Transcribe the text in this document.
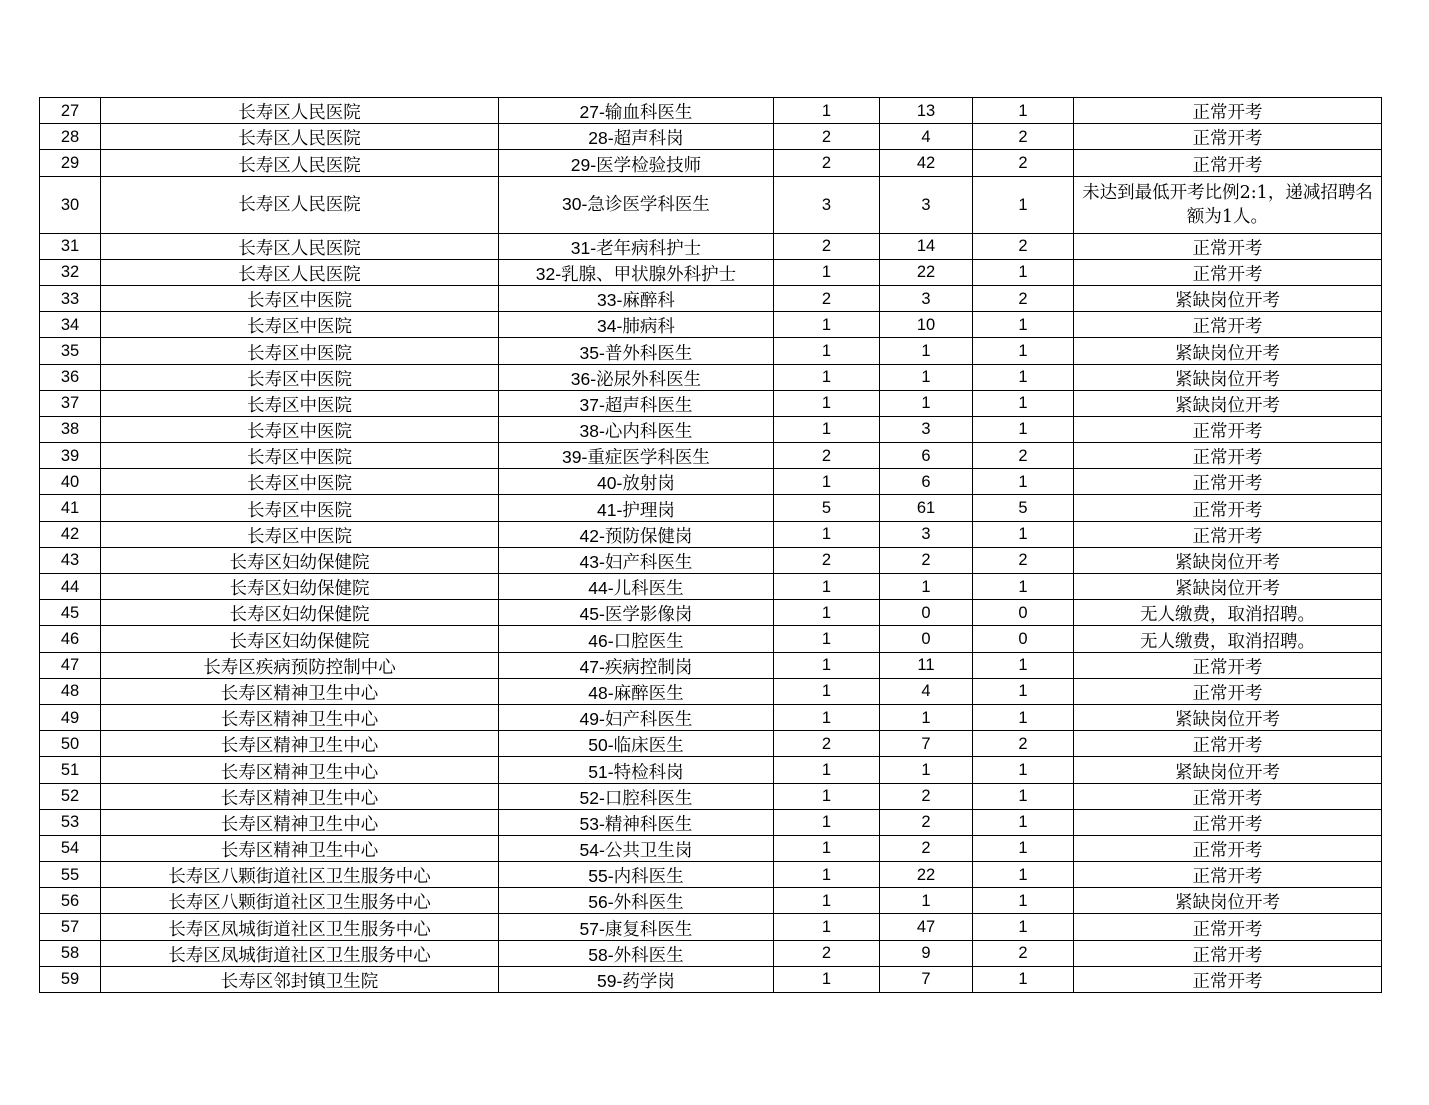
27	长寿区人民医院	27-输血科医生	1	13	1	正常开考
28	长寿区人民医院	28-超声科岗	2	4	2	正常开考
29	长寿区人民医院	29-医学检验技师	2	42	2	正常开考
30	长寿区人民医院	30-急诊医学科医生	3	3	1	未达到最低开考比例2:1，递减招聘名额为1人。
31	长寿区人民医院	31-老年病科护士	2	14	2	正常开考
32	长寿区人民医院	32-乳腺、甲状腺外科护士	1	22	1	正常开考
33	长寿区中医院	33-麻醉科	2	3	2	紧缺岗位开考
34	长寿区中医院	34-肺病科	1	10	1	正常开考
35	长寿区中医院	35-普外科医生	1	1	1	紧缺岗位开考
36	长寿区中医院	36-泌尿外科医生	1	1	1	紧缺岗位开考
37	长寿区中医院	37-超声科医生	1	1	1	紧缺岗位开考
38	长寿区中医院	38-心内科医生	1	3	1	正常开考
39	长寿区中医院	39-重症医学科医生	2	6	2	正常开考
40	长寿区中医院	40-放射岗	1	6	1	正常开考
41	长寿区中医院	41-护理岗	5	61	5	正常开考
42	长寿区中医院	42-预防保健岗	1	3	1	正常开考
43	长寿区妇幼保健院	43-妇产科医生	2	2	2	紧缺岗位开考
44	长寿区妇幼保健院	44-儿科医生	1	1	1	紧缺岗位开考
45	长寿区妇幼保健院	45-医学影像岗	1	0	0	无人缴费，取消招聘。
46	长寿区妇幼保健院	46-口腔医生	1	0	0	无人缴费，取消招聘。
47	长寿区疾病预防控制中心	47-疾病控制岗	1	11	1	正常开考
48	长寿区精神卫生中心	48-麻醉医生	1	4	1	正常开考
49	长寿区精神卫生中心	49-妇产科医生	1	1	1	紧缺岗位开考
50	长寿区精神卫生中心	50-临床医生	2	7	2	正常开考
51	长寿区精神卫生中心	51-特检科岗	1	1	1	紧缺岗位开考
52	长寿区精神卫生中心	52-口腔科医生	1	2	1	正常开考
53	长寿区精神卫生中心	53-精神科医生	1	2	1	正常开考
54	长寿区精神卫生中心	54-公共卫生岗	1	2	1	正常开考
55	长寿区八颗街道社区卫生服务中心	55-内科医生	1	22	1	正常开考
56	长寿区八颗街道社区卫生服务中心	56-外科医生	1	1	1	紧缺岗位开考
57	长寿区凤城街道社区卫生服务中心	57-康复科医生	1	47	1	正常开考
58	长寿区凤城街道社区卫生服务中心	58-外科医生	2	9	2	正常开考
59	长寿区邻封镇卫生院	59-药学岗	1	7	1	正常开考
